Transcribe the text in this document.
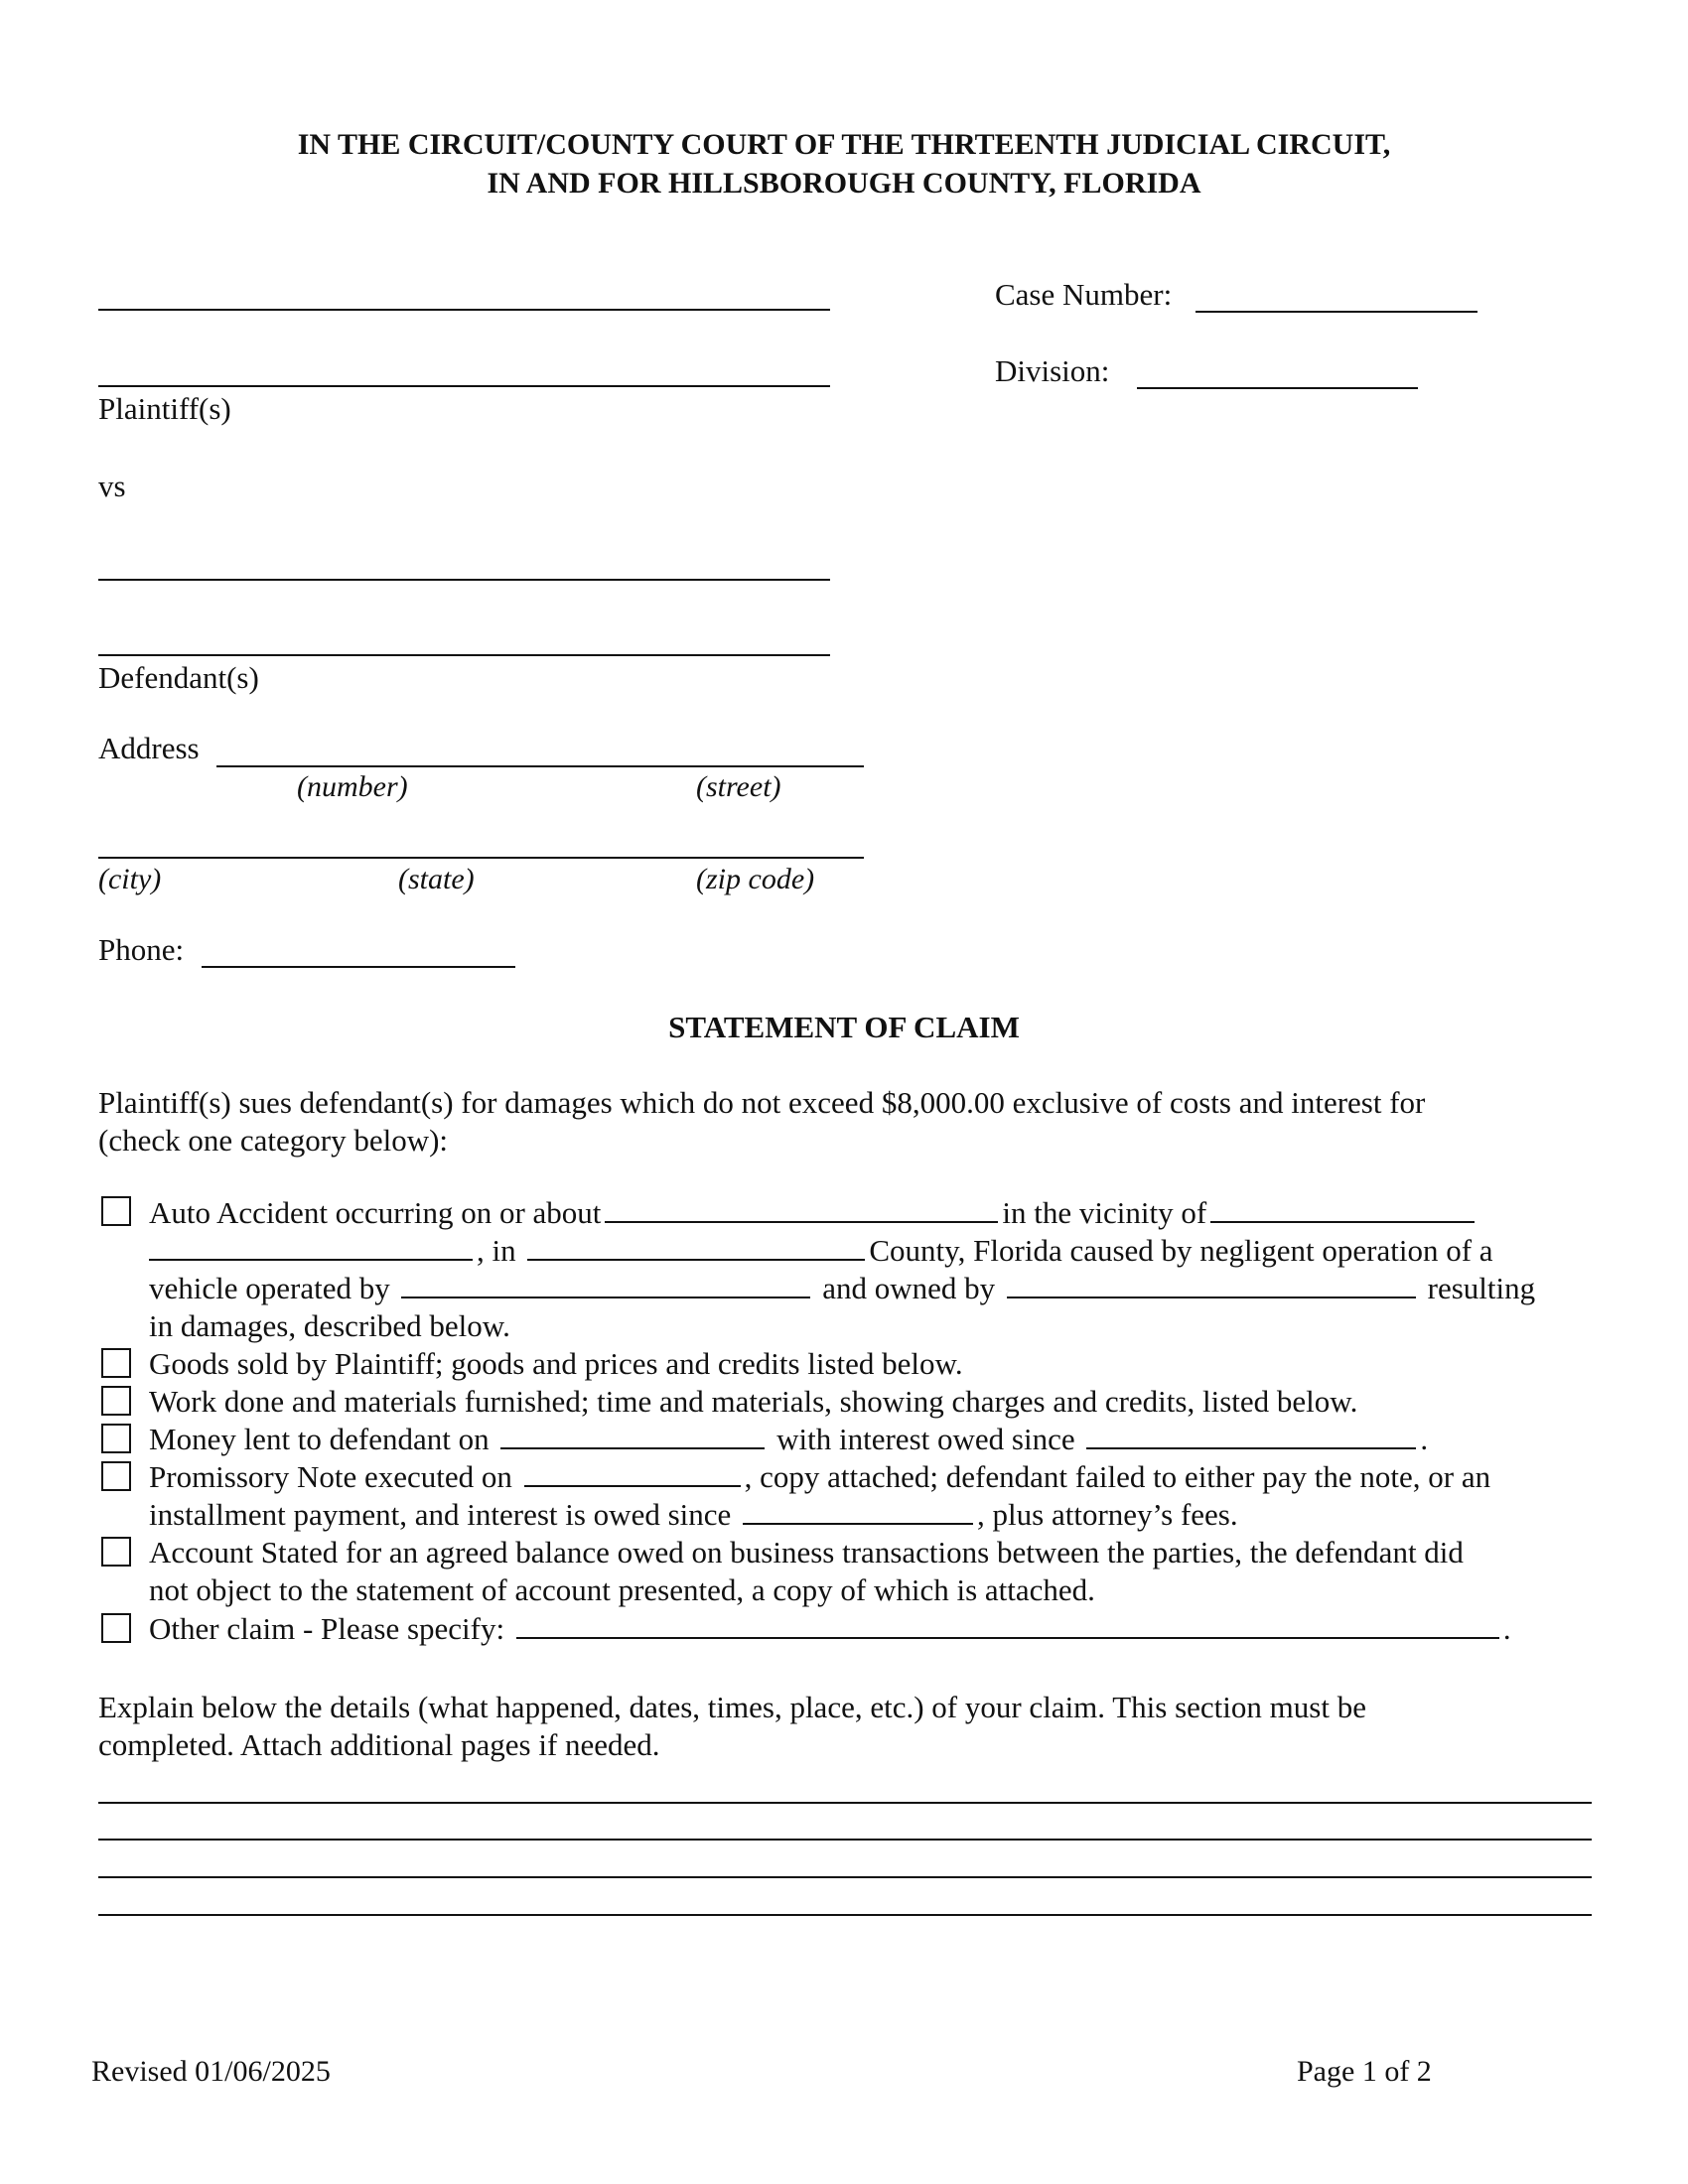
IN THE CIRCUIT/COUNTY COURT OF THE THRTEENTH JUDICIAL CIRCUIT,
IN AND FOR HILLSBOROUGH COUNTY, FLORIDA
Plaintiff(s)
Case Number:
Division:
vs
Defendant(s)
Address
(number)	(street)
(city)	(state)	(zip code)
Phone:
STATEMENT OF CLAIM
Plaintiff(s) sues defendant(s) for damages which do not exceed $8,000.00 exclusive of costs and interest for
(check one category below):
Auto Accident occurring on or about	in the vicinity of
, in	County, Florida caused by negligent operation of a
vehicle operated by	and owned by	resulting
in damages, described below.
Goods sold by Plaintiff; goods and prices and credits listed below.
Work done and materials furnished; time and materials, showing charges and credits, listed below.
Money lent to defendant on	with interest owed since	.
Promissory Note executed on	, copy attached; defendant failed to either pay the note, or an
installment payment, and interest is owed since	, plus attorney’s fees.
Account Stated for an agreed balance owed on business transactions between the parties, the defendant did
not object to the statement of account presented, a copy of which is attached.
Other claim - Please specify:	.
Explain below the details (what happened, dates, times, place, etc.) of your claim. This section must be
completed. Attach additional pages if needed.
Revised 01/06/2025	Page 1 of 2
